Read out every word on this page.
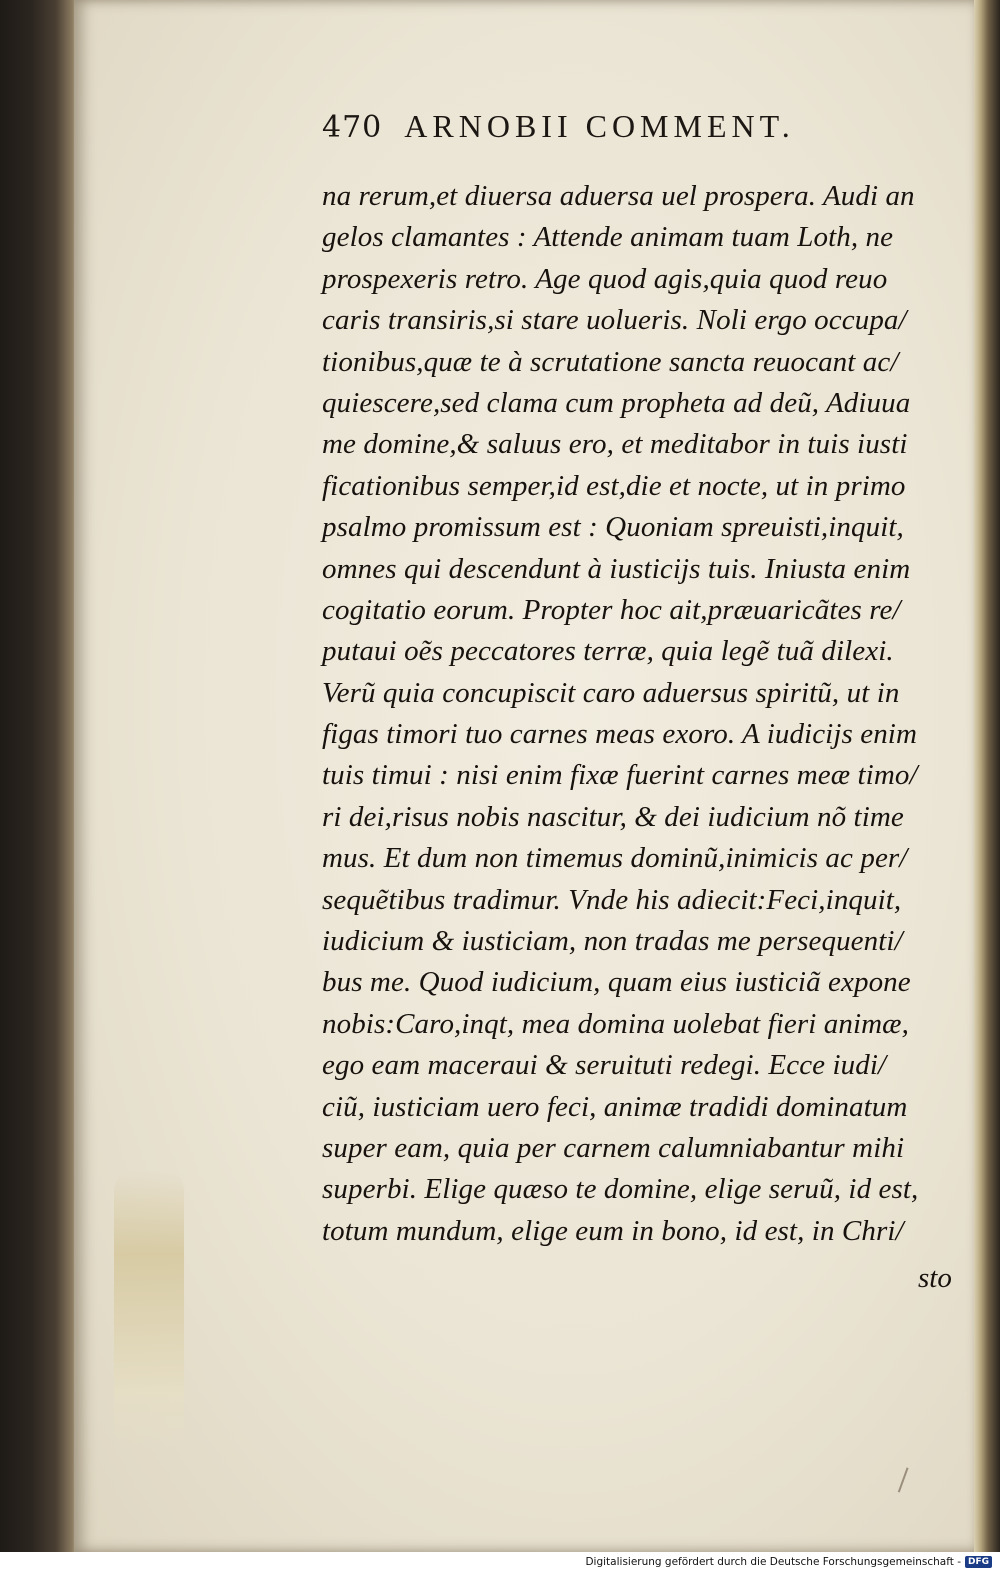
470 ARNOBII COMMENT.
na rerum,et diuersa aduersa uel prospera. Audi an
gelos clamantes : Attende animam tuam Loth, ne
prospexeris retro. Age quod agis,quia quod reuo
caris transiris,si stare uolueris. Noli ergo occupa/
tionibus,quæ te à scrutatione sancta reuocant ac/
quiescere,sed clama cum propheta ad deũ, Adiuua
me domine,& saluus ero, et meditabor in tuis iusti
ficationibus semper,id est,die et nocte, ut in primo
psalmo promissum est : Quoniam spreuisti,inquit,
omnes qui descendunt à iusticijs tuis. Iniusta enim
cogitatio eorum. Propter hoc ait,præuaricãtes re/
putaui oẽs peccatores terræ, quia legẽ tuã dilexi.
Verũ quia concupiscit caro aduersus spiritũ, ut in
figas timori tuo carnes meas exoro. A iudicijs enim
tuis timui : nisi enim fixæ fuerint carnes meæ timo/
ri dei,risus nobis nascitur, & dei iudicium nõ time
mus. Et dum non timemus dominũ,inimicis ac per/
sequẽtibus tradimur. Vnde his adiecit:Feci,inquit,
iudicium & iusticiam, non tradas me persequenti/
bus me. Quod iudicium, quam eius iusticiã expone
nobis:Caro,inqt, mea domina uolebat fieri animæ,
ego eam maceraui & seruituti redegi. Ecce iudi/
ciũ, iusticiam uero feci, animæ tradidi dominatum
super eam, quia per carnem calumniabantur mihi
superbi. Elige quæso te domine, elige seruũ, id est,
totum mundum, elige eum in bono, id est, in Chri/
sto
Digitalisierung gefördert durch die Deutsche Forschungsgemeinschaft - DFG
